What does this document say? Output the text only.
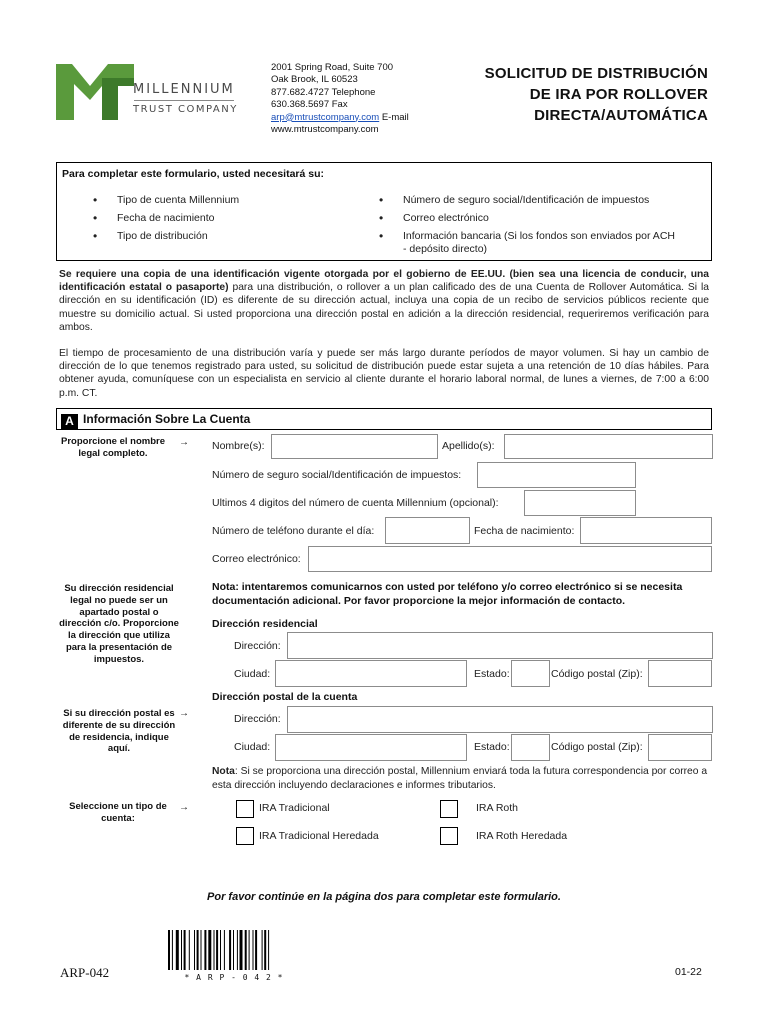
MILLENNIUM
TRUST COMPANY
2001 Spring Road, Suite 700
Oak Brook, IL 60523
877.682.4727 Telephone
630.368.5697 Fax
arp@mtrustcompany.com E-mail
www.mtrustcompany.com
SOLICITUD DE DISTRIBUCIÓN
DE IRA POR ROLLOVER
DIRECTA/AUTOMÁTICA
Para completar este formulario, usted necesitará su:
•	Tipo de cuenta Millennium
•	Fecha de nacimiento
•	Tipo de distribución
•	Número de seguro social/Identificación de impuestos
•	Correo electrónico
•	Información bancaria (Si los fondos son enviados por ACH
- depósito directo)
Se requiere una copia de una identificación vigente otorgada por el gobierno de EE.UU. (bien sea una licencia de conducir, una identificación estatal o pasaporte) para una distribución, o rollover a un plan calificado des de una Cuenta de Rollover Automática. Si la dirección en su identificación (ID) es diferente de su dirección actual, incluya una copia de un recibo de servicios públicos reciente que muestre su domicilio actual. Si usted proporciona una dirección postal en adición a la dirección residencial, requeriremos verificación para ambos.
El tiempo de procesamiento de una distribución varía y puede ser más largo durante períodos de mayor volumen. Si hay un cambio de dirección de lo que tenemos registrado para usted, su solicitud de distribución puede estar sujeta a una retención de 10 días hábiles. Para obtener ayuda, comuníquese con un especialista en servicio al cliente durante el horario laboral normal, de lunes a viernes, de 7:00 a 6:00 p.m. CT.
A Información Sobre La Cuenta
Proporcione el nombre legal completo.
→
Su dirección residencial legal no puede ser un apartado postal o dirección c/o. Proporcione la dirección que utiliza para la presentación de impuestos.
Si su dirección postal es diferente de su dirección de residencia, indique aquí.
→
Seleccione un tipo de cuenta:
→
Nombre(s):	Apellido(s):
Número de seguro social/Identificación de impuestos:
Ultimos 4 digitos del número de cuenta Millennium (opcional):
Número de teléfono durante el día:	Fecha de nacimiento:
Correo electrónico:
Nota: intentaremos comunicarnos con usted por teléfono y/o correo electrónico si se necesita documentación adicional. Por favor proporcione la mejor información de contacto.
Dirección residencial
Dirección:
Ciudad:	Estado:	Código postal (Zip):
Dirección postal de la cuenta
Dirección:
Ciudad:	Estado:	Código postal (Zip):
Nota: Si se proporciona una dirección postal, Millennium enviará toda la futura correspondencia por correo a esta dirección incluyendo declaraciones e informes tributarios.
IRA Tradicional	IRA Roth
IRA Tradicional Heredada	IRA Roth Heredada
Por favor continúe en la página dos para completar este formulario.
ARP-042	* A R P - 0 4 2 *	01-22
